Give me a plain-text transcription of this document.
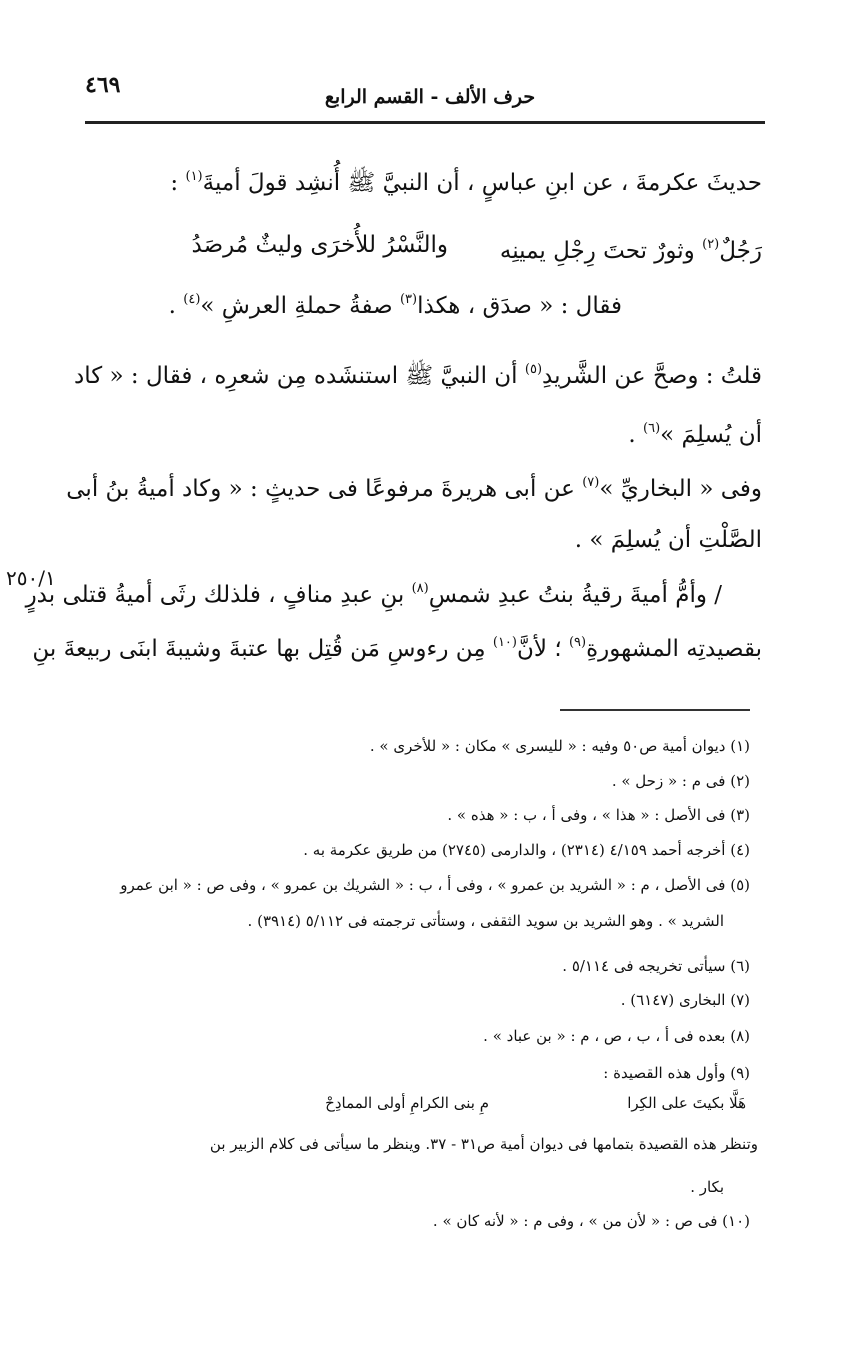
٤٦٩	حرف الألف - القسم الرابع
حديثَ عكرمةَ ، عن ابنِ عباسٍ ، أن النبيَّ ﷺ أُنشِد قولَ أميةَ$^{(١)}$ :
رَجُلٌ$^{(٢)}$ وثورٌ تحتَ رِجْلِ يمينِه
والنَّسْرُ للأُخرَى وليثٌ مُرصَدُ
فقال : « صدَق ، هكذا$^{(٣)}$ صفةُ حملةِ العرشِ »$^{(٤)}$ .
قلتُ : وصحَّ عن الشَّريدِ$^{(٥)}$ أن النبيَّ ﷺ استنشَده مِن شعرِه ، فقال : « كاد
أن يُسلِمَ »$^{(٦)}$ .
وفى « البخاريِّ »$^{(٧)}$ عن أبى هريرةَ مرفوعًا فى حديثٍ : « وكاد أميةُ بنُ أبى
الصَّلْتِ أن يُسلِمَ » .
/ وأمُّ أميةَ رقيةُ بنتُ عبدِ شمسِ$^{(٨)}$ بنِ عبدِ منافٍ ، فلذلك رثَى أميةُ قتلى بدرٍ
٢٥٠/١
بقصيدتِه المشهورةِ$^{(٩)}$ ؛ لأنَّ$^{(١٠)}$ مِن رءوسِ مَن قُتِل بها عتبةَ وشيبةَ ابنَى ربيعةَ بنِ
(١) ديوان أمية ص٥٠ وفيه : « لليسرى » مكان : « للأخرى » .
(٢) فى م : « زحل » .
(٣) فى الأصل : « هذا » ، وفى أ ، ب : « هذه » .
(٤) أخرجه أحمد ٤/١٥٩ (٢٣١٤) ، والدارمى (٢٧٤٥) من طريق عكرمة به .
(٥) فى الأصل ، م : « الشريد بن عمرو » ، وفى أ ، ب : « الشريك بن عمرو » ، وفى ص : « ابن عمرو
الشريد » . وهو الشريد بن سويد الثقفى ، وستأتى ترجمته فى ٥/١١٢ (٣٩١٤) .
(٦) سيأتى تخريجه فى ٥/١١٤ .
(٧) البخارى (٦١٤٧) .
(٨) بعده فى أ ، ب ، ص ، م : « بن عباد » .
(٩) وأول هذه القصيدة :
هَلَّا بكيتَ على الكِرا
مِ بنى الكرامِ أولى الممادِحْ
وتنظر هذه القصيدة بتمامها فى ديوان أمية ص٣١ - ٣٧. وينظر ما سيأتى فى كلام الزبير بن
بكار .
(١٠) فى ص : « لأن من » ، وفى م : « لأنه كان » .
